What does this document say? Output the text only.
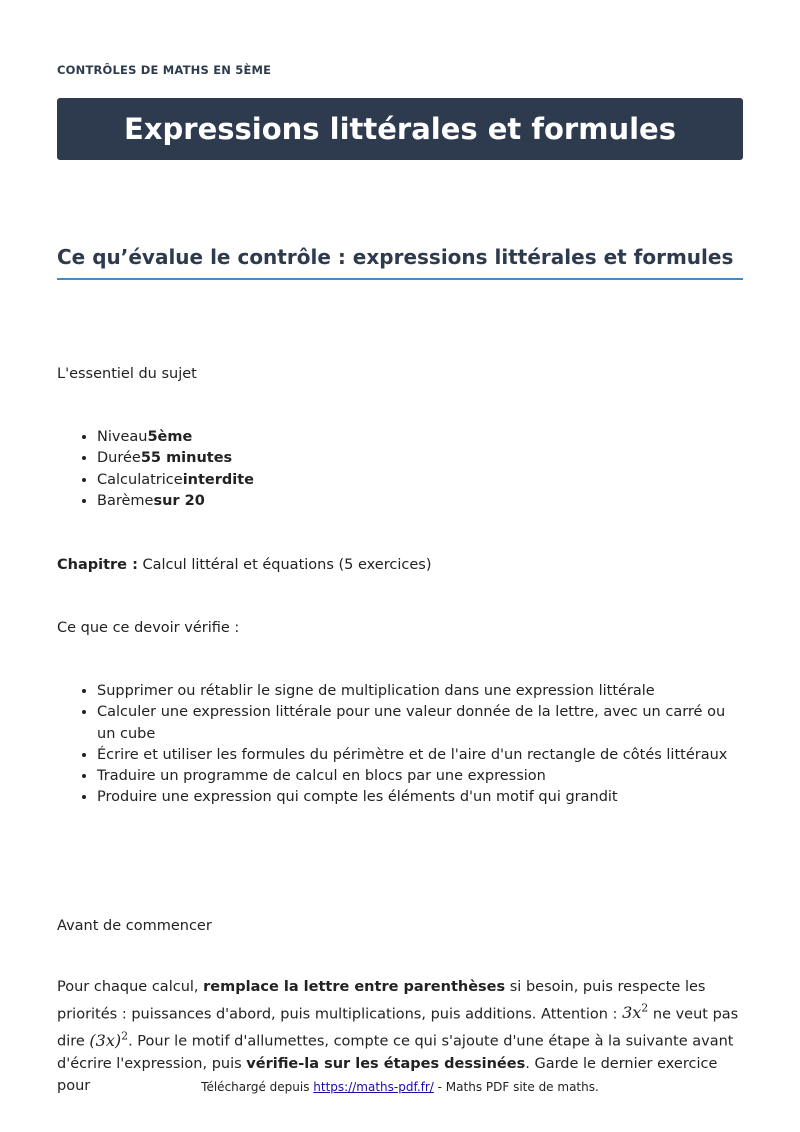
CONTRÔLES DE MATHS EN 5ÈME
Expressions littérales et formules
Ce qu’évalue le contrôle : expressions littérales et formules
L'essentiel du sujet
• Niveau5ème
• Durée55 minutes
• Calculatriceinterdite
• Barèmesur 20
Chapitre : Calcul littéral et équations (5 exercices)
Ce que ce devoir vérifie :
• Supprimer ou rétablir le signe de multiplication dans une expression littérale
• Calculer une expression littérale pour une valeur donnée de la lettre, avec un carré ou un cube
• Écrire et utiliser les formules du périmètre et de l'aire d'un rectangle de côtés littéraux
• Traduire un programme de calcul en blocs par une expression
• Produire une expression qui compte les éléments d'un motif qui grandit
Avant de commencer
Pour chaque calcul, remplace la lettre entre parenthèses si besoin, puis respecte les priorités : puissances d'abord, puis multiplications, puis additions. Attention : $3x^2$ ne veut pas dire $(3x)^2$. Pour le motif d'allumettes, compte ce qui s'ajoute d'une étape à la suivante avant d'écrire l'expression, puis vérifie-la sur les étapes dessinées. Garde le dernier exercice pour	Téléchargé depuis https://maths-pdf.fr/ - Maths PDF site de maths.
